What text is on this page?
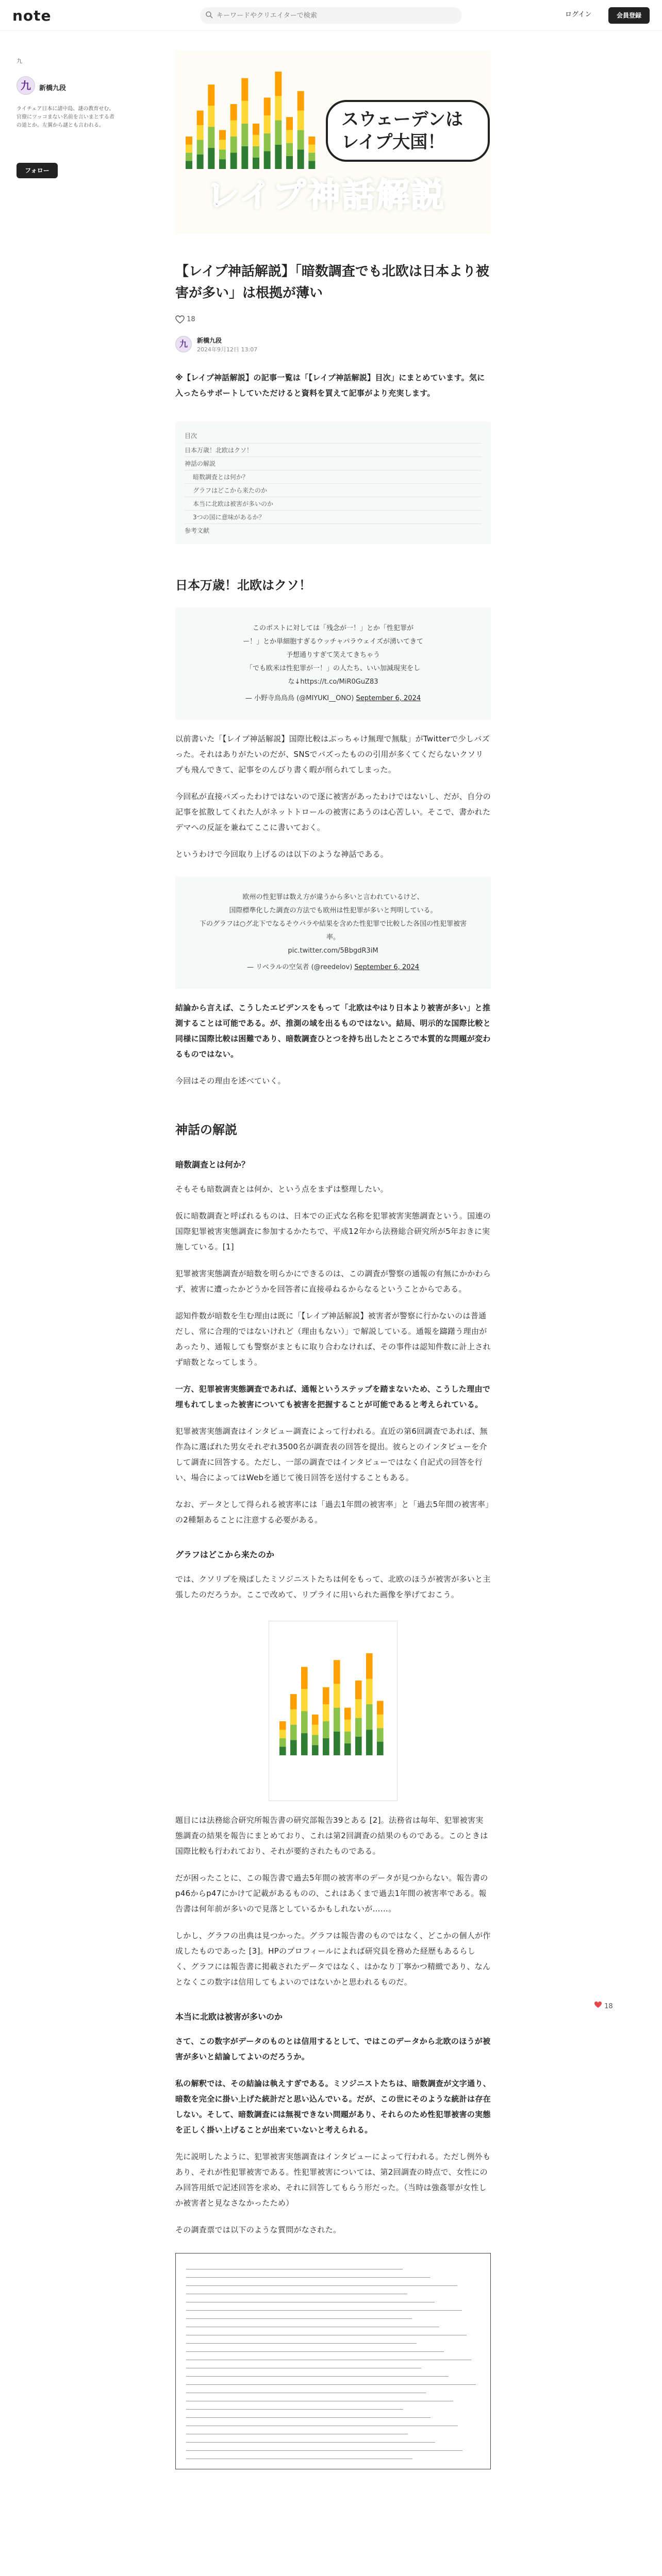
note
キーワードやクリエイターで検索	ログイン	会員登録
九
九	新橋九段
ライチェア日本に諸中島、謎の教育せむ、官僚にツッコまない名前を言いまとする者の道とか。左翼から謎とも言われる。
フォロー
スウェーデンは
レイプ大国！
レイプ神話解説
【レイプ神話解説】「暗数調査でも北欧は日本より被害が多い」は根拠が薄い
18
九	新橋九段
2024年9月12日 13:07

※【レイプ神話解説】の記事一覧は「【レイプ神話解説】目次」にまとめています。気に入ったらサポートしていただけると資料を買えて記事がより充実します。

目次
日本万歳！北欧はクソ！
神話の解説
暗数調査とは何か？
グラフはどこから来たのか
本当に北欧は被害が多いのか
3つの国に意味があるか？
参考文献
日本万歳！北欧はクソ！
このポストに対しては「残念が一！」とか「性犯罪が
ー！」とか単細胞すぎるウッチャパラウェイズが湧いてきて
予想通りすぎて笑えてきちゃう
「でも欧米は性犯罪が一！」の人たち、いい加減現実をし
な↓https://t.co/MiR0GuZ83
— 小野寺鳥鳥鳥 (@MIYUKI__ONO) September 6, 2024

以前書いた「【レイプ神話解説】国際比較はぶっちゃけ無理で無駄」がTwitterで少しバズった。それはありがたいのだが、SNSでバズったものの引用が多くてくだらないクソリプも飛んできて、記事をのんびり書く暇が削られてしまった。

今回私が直接バズったわけではないので逐に被害があったわけではないし、だが、自分の記事を拡散してくれた人がネットトロールの被害にあうのは心苦しい。そこで、書かれたデマへの反証を兼ねてここに書いておく。

というわけで今回取り上げるのは以下のような神話である。

欧州の性犯罪は数え方が違うから多いと言われているけど、
国際標準化した調査の方法でも欧州は性犯罪が多いと判明している。
下のグラフは○グ北下でなるそウバラや結果を含めた性犯罪で比較した各国の性犯罪被害率。
pic.twitter.com/5BbgdR3iM
— リベラルの空気者 (@reedelov) September 6, 2024

結論から言えば、こうしたエビデンスをもって「北欧はやはり日本より被害が多い」と推測することは可能である。が、推測の域を出るものではない。結局、明示的な国際比較と同様に国際比較は困難であり、暗数調査ひとつを持ち出したところで本質的な問題が変わるものではない。

今回はその理由を述べていく。

神話の解説
暗数調査とは何か？

そもそも暗数調査とは何か、という点をまずは整理したい。

仮に暗数調査と呼ばれるものは、日本での正式な名称を犯罪被害実態調査という。国連の国際犯罪被害実態調査に参加するかたちで、平成12年から法務総合研究所が5年おきに実施している。[1]

犯罪被害実態調査が暗数を明らかにできるのは、この調査が警察の通報の有無にかかわらず、被害に遭ったかどうかを回答者に直接尋ねるからなるということからである。

認知件数が暗数を生む理由は既に「【レイプ神話解説】被害者が警察に行かないのは普通だし、常に合理的ではないけれど（理由もない）」で解説している。通報を躊躇う理由があったり、通報しても警察がまともに取り合わなければ、その事件は認知件数に計上されず暗数となってしまう。

一方、犯罪被害実態調査であれば、通報というステップを踏まないため、こうした理由で埋もれてしまった被害についても被害を把握することが可能であると考えられている。

犯罪被害実態調査はインタビュー調査によって行われる。直近の第6回調査であれば、無作為に選ばれた男女それぞれ3500名が調査表の回答を提出。彼らとのインタビューを介して調査に回答する。ただし、一部の調査ではインタビューではなく自記式の回答を行い、場合によってはWebを通じて後日回答を送付することもある。

なお、データとして得られる被害率には「過去1年間の被害率」と「過去5年間の被害率」の2種類あることに注意する必要がある。

グラフはどこから来たのか

では、クソリプを飛ばしたミソジニストたちは何をもって、北欧のほうが被害が多いと主張したのだろうか。ここで改めて、リプライに用いられた画像を挙げておこう。

題目には法務総合研究所報告書の研究部報告39とある [2]。法務省は毎年、犯罪被害実態調査の結果を報告にまとめており、これは第2回調査の結果のものである。このときは国際比較も行われており、それが要約されたものである。

だが困ったことに、この報告書で過去5年間の被害率のデータが見つからない。報告書のp46からp47にかけて記載があるものの、これはあくまで過去1年間の被害率である。報告書は何年前が多いので見落としているかもしれないが……。

しかし、グラフの出典は見つかった。グラフは報告書のものではなく、どこかの個人が作成したものであった [3]。HPのプロフィールによれば研究員を務めた経歴もあるらしく、グラフには報告書に掲載されたデータではなく、はかなり丁寧かつ精緻であり、なんとなくこの数字は信用してもよいのではないかと思われるものだ。

本当に北欧は被害が多いのか

さて、この数字がデータのものとは信用するとして、ではこのデータから北欧のほうが被害が多いと結論してよいのだろうか。

私の解釈では、その結論は執えすぎである。ミソジニストたちは、暗数調査が文字通り、暗数を完全に掛い上げた統計だと思い込んでいる。だが、この世にそのような統計は存在しない。そして、暗数調査には無視できない問題があり、それらのため性犯罪被害の実態を正しく掛い上げることが出来ていないと考えられる。

先に説明したように、犯罪被害実態調査はインタビューによって行われる。ただし例外もあり、それが性犯罪被害である。性犯罪被害については、第2回調査の時点で、女性にのみ回答用紙で記述回答を求め、それに回答してもらう形だった。（当時は強姦罪が女性しか被害者と見なさなかったため）

その調査票では以下のような質問がなされた。

18
